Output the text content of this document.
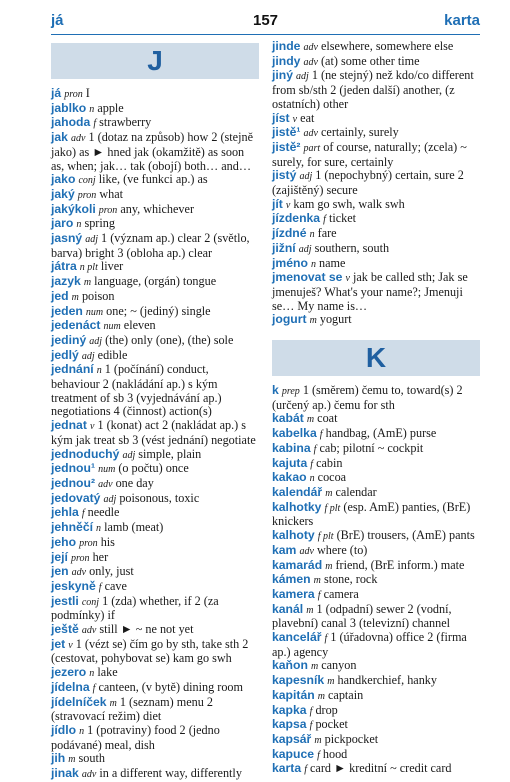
já	157	karta
J

já pron I

jablko n apple

jahoda f strawberry

jak adv 1 (dotaz na způsob) how 2 (stejně jako) as ► hned jak (okamžitě) as soon as, when; jak… tak (obojí) both… and…

jako conj like, (ve funkci ap.) as

jaký pron what

jakýkoli pron any, whichever

jaro n spring

jasný adj 1 (význam ap.) clear 2 (světlo, barva) bright 3 (obloha ap.) clear

játra n plt liver

jazyk m language, (orgán) tongue

jed m poison

jeden num one; ~ (jediný) single

jedenáct num eleven

jediný adj (the) only (one), (the) sole

jedlý adj edible

jednání n 1 (počínání) conduct, behaviour 2 (nakládání ap.) s kým treatment of sb 3 (vyjednávání ap.) negotiations 4 (činnost) action(s)

jednat v 1 (konat) act 2 (nakládat ap.) s kým jak treat sb 3 (vést jednání) negotiate

jednoduchý adj simple, plain

jednou¹ num (o počtu) once

jednou² adv one day

jedovatý adj poisonous, toxic

jehla f needle

jehněčí n lamb (meat)

jeho pron his

její pron her

jen adv only, just

jeskyně f cave

jestli conj 1 (zda) whether, if 2 (za podmínky) if

ještě adv still ► ~ ne not yet

jet v 1 (vézt se) čím go by sth, take sth 2 (cestovat, pohybovat se) kam go swh

jezero n lake

jídelna f canteen, (v bytě) dining room

jídelníček m 1 (seznam) menu 2 (stravovací režim) diet

jídlo n 1 (potraviny) food 2 (jedno podávané) meal, dish

jih m south

jinak adv in a different way, differently

jinde adv elsewhere, somewhere else

jindy adv (at) some other time

jiný adj 1 (ne stejný) než kdo/co different from sb/sth 2 (jeden další) another, (z ostatních) other

jíst v eat

jistě¹ adv certainly, surely

jistě² part of course, naturally; (zcela) ~ surely, for sure, certainly

jistý adj 1 (nepochybný) certain, sure 2 (zajištěný) secure

jít v kam go swh, walk swh

jízdenka f ticket

jízdné n fare

jižní adj southern, south

jméno n name

jmenovat se v jak be called sth; Jak se jmenuješ? What's your name?; Jmenuji se… My name is…

jogurt m yogurt

K

k prep 1 (směrem) čemu to, toward(s) 2 (určený ap.) čemu for sth

kabát m coat

kabelka f handbag, (AmE) purse

kabina f cab; pilotní ~ cockpit

kajuta f cabin

kakao n cocoa

kalendář m calendar

kalhotky f plt (esp. AmE) panties, (BrE) knickers

kalhoty f plt (BrE) trousers, (AmE) pants

kam adv where (to)

kamarád m friend, (BrE inform.) mate

kámen m stone, rock

kamera f camera

kanál m 1 (odpadní) sewer 2 (vodní, plavební) canal 3 (televizní) channel

kancelář f 1 (úřadovna) office 2 (firma ap.) agency

kaňon m canyon

kapesník m handkerchief, hanky

kapitán m captain

kapka f drop

kapsa f pocket

kapsář m pickpocket

kapuce f hood

karta f card ► kreditní ~ credit card
